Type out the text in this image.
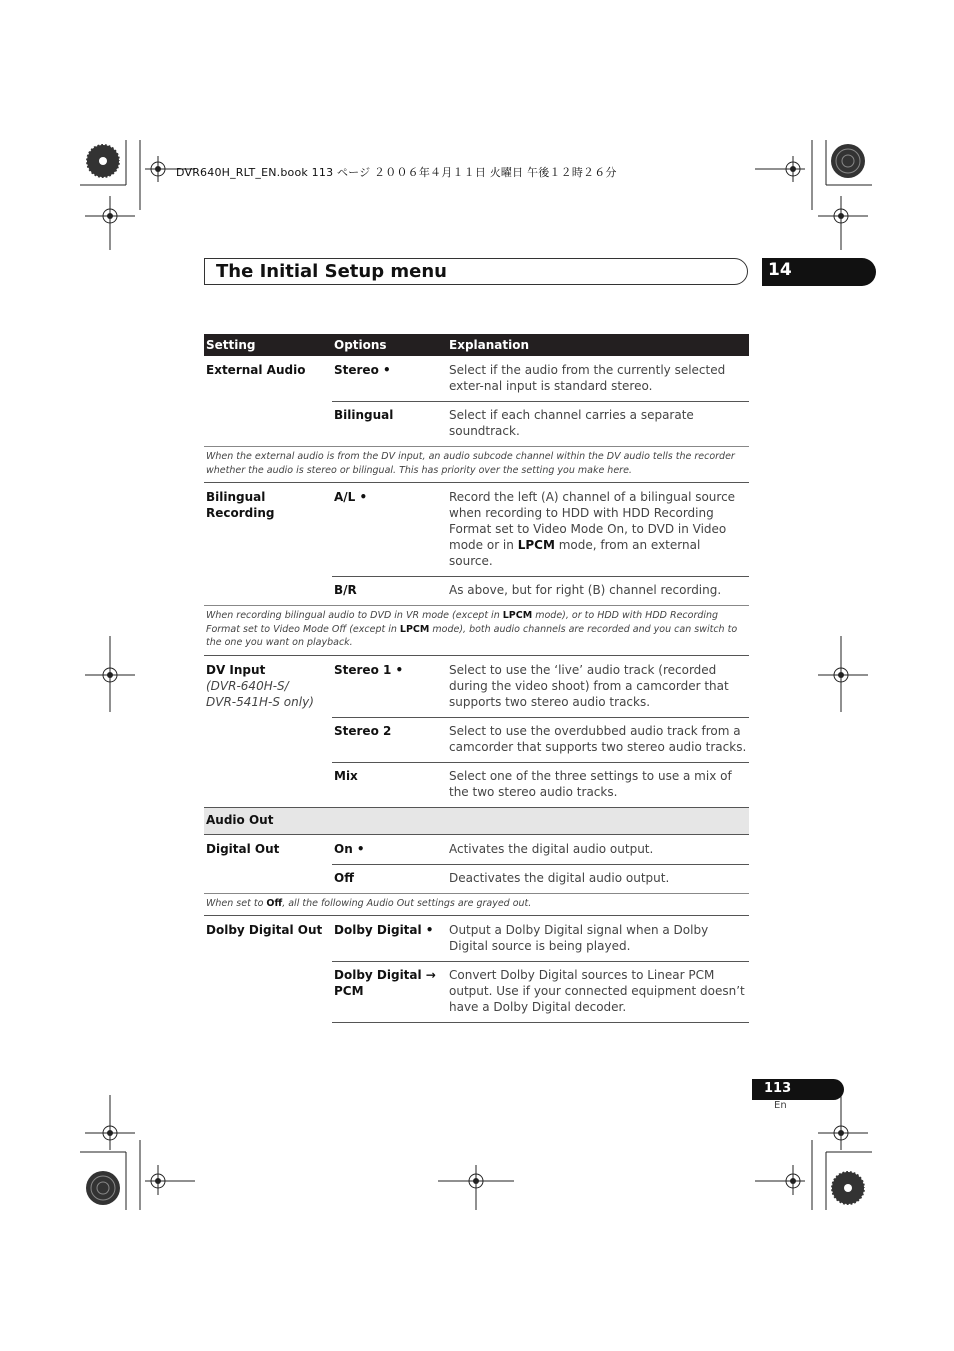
DVR640H_RLT_EN.book 113 ページ ２００６年４月１１日 火曜日 午後１２時２６分
The Initial Setup menu	14
Setting	Options	Explanation
External Audio	Stereo •	Select if the audio from the currently selected exter-nal input is standard stereo.
	Bilingual	Select if each channel carries a separate soundtrack.
When the external audio is from the DV input, an audio subcode channel within the DV audio tells the recorder whether the audio is stereo or bilingual. This has priority over the setting you make here.		
Bilingual Recording	A/L •	Record the left (A) channel of a bilingual source when recording to HDD with HDD Recording Format set to Video Mode On, to DVD in Video mode or in LPCM mode, from an external source.
	B/R	As above, but for right (B) channel recording.
When recording bilingual audio to DVD in VR mode (except in LPCM mode), or to HDD with HDD Recording Format set to Video Mode Off (except in LPCM mode), both audio channels are recorded and you can switch to the one you want on playback.		
DV Input
(DVR-640H-S/
DVR-541H-S only)	Stereo 1 •	Select to use the ‘live’ audio track (recorded during the video shoot) from a camcorder that supports two stereo audio tracks.
	Stereo 2	Select to use the overdubbed audio track from a camcorder that supports two stereo audio tracks.
	Mix	Select one of the three settings to use a mix of the two stereo audio tracks.
Audio Out		
Digital Out	On •	Activates the digital audio output.
	Off	Deactivates the digital audio output.
When set to Off, all the following Audio Out settings are grayed out.		
Dolby Digital Out	Dolby Digital •	Output a Dolby Digital signal when a Dolby Digital source is being played.
	Dolby Digital → PCM	Convert Dolby Digital sources to Linear PCM output. Use if your connected equipment doesn’t have a Dolby Digital decoder.
113
En
